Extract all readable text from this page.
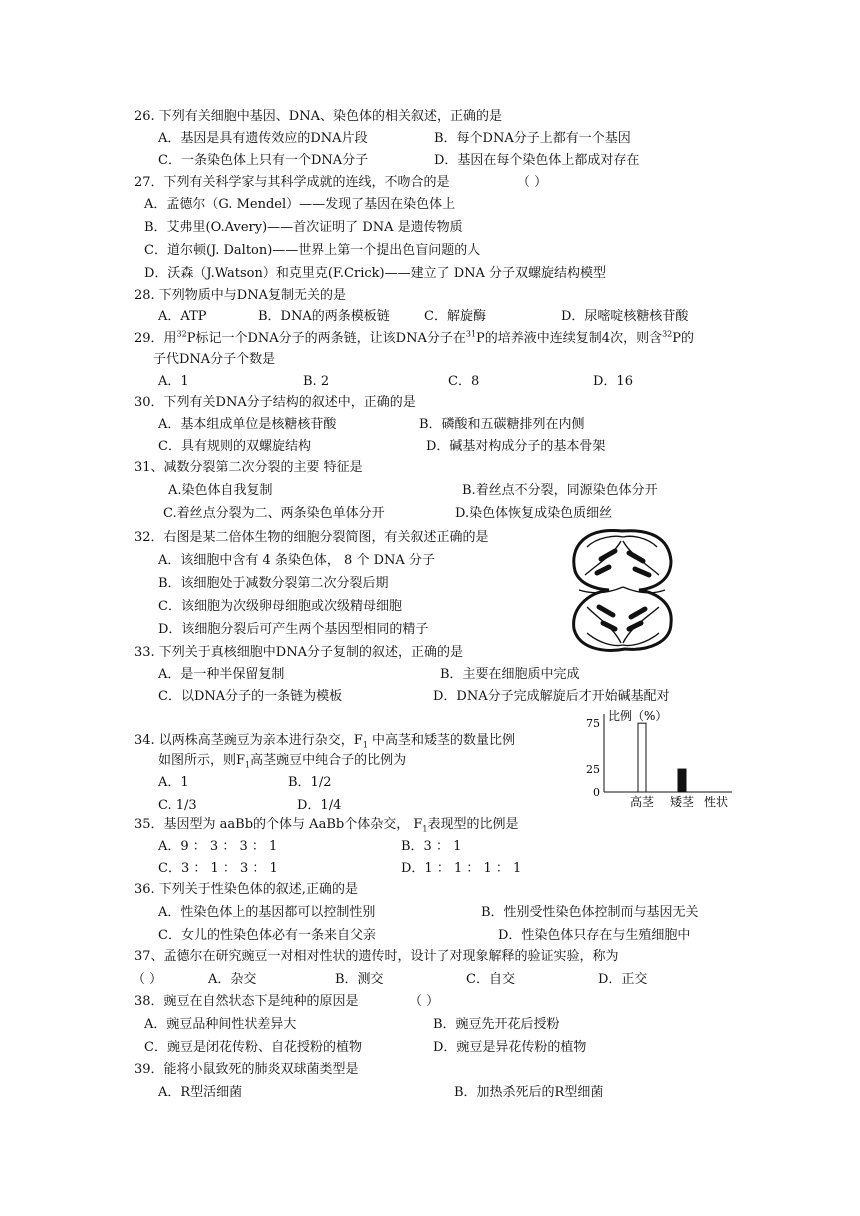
26. 下列有关细胞中基因、DNA、染色体的相关叙述，正确的是
A．基因是具有遗传效应的DNA片段	B．每个DNA分子上都有一个基因
C．一条染色体上只有一个DNA分子	D．基因在每个染色体上都成对存在
27．下列有关科学家与其科学成就的连线，不吻合的是	（ ）
A．孟德尔（G. Mendel）——发现了基因在染色体上
B．艾弗里(O.Avery)——首次证明了 DNA 是遗传物质
C．道尔顿(J. Dalton)——世界上第一个提出色盲问题的人
D．沃森（J.Watson）和克里克(F.Crick)——建立了 DNA 分子双螺旋结构模型
28. 下列物质中与DNA复制无关的是
A．ATP	B．DNA的两条模板链	C．解旋酶	D．尿嘧啶核糖核苷酸
29．用$^{32}$P标记一个DNA分子的两条链，让该DNA分子在$^{31}$P的培养液中连续复制4次，则含$^{32}$P的
子代DNA分子个数是
A．1	B. 2	C．8	D．16
30．下列有关DNA分子结构的叙述中，正确的是
A．基本组成单位是核糖核苷酸	B．磷酸和五碳糖排列在内侧
C．具有规则的双螺旋结构	D．碱基对构成分子的基本骨架
31、减数分裂第二次分裂的主要 特征是
A.染色体自我复制	B.着丝点不分裂，同源染色体分开
C.着丝点分裂为二、两条染色单体分开	D.染色体恢复成染色质细丝
32．右图是某二倍体生物的细胞分裂简图，有关叙述正确的是
A．该细胞中含有 4 条染色体， 8 个 DNA 分子
B．该细胞处于减数分裂第二次分裂后期
C．该细胞为次级卵母细胞或次级精母细胞
D．该细胞分裂后可产生两个基因型相同的精子
33. 下列关于真核细胞中DNA分子复制的叙述，正确的是
A．是一种半保留复制	B．主要在细胞质中完成
C．以DNA分子的一条链为模板	D．DNA分子完成解旋后才开始碱基配对
34. 以两株高茎豌豆为亲本进行杂交，$F_1$ 中高茎和矮茎的数量比例
如图所示，则$F_1$高茎豌豆中纯合子的比例为
A．1	B．1/2
C. 1/3	D．1/4
比例（%）
性状
0
25
75
高茎 矮茎
35．基因型为 aaBb的个体与 AaBb个体杂交， $F_1$表现型的比例是
A．9 ： 3 ： 3 ： 1	B．3 ： 1
C．3 ： 1 ： 3 ： 1	D．1 ： 1 ： 1 ： 1
36. 下列关于性染色体的叙述,正确的是
A．性染色体上的基因都可以控制性别	B．性别受性染色体控制而与基因无关
C．女儿的性染色体必有一条来自父亲	D．性染色体只存在与生殖细胞中
37、孟德尔在研究豌豆一对相对性状的遗传时，设计了对现象解释的验证实验，称为
（ ）	A．杂交	B．测交	C．自交	D．正交
38．豌豆在自然状态下是纯种的原因是	（ ）
A．豌豆品种间性状差异大	B．豌豆先开花后授粉
C．豌豆是闭花传粉、自花授粉的植物	D．豌豆是异花传粉的植物
39．能将小鼠致死的肺炎双球菌类型是
A．R型活细菌	B．加热杀死后的R型细菌
